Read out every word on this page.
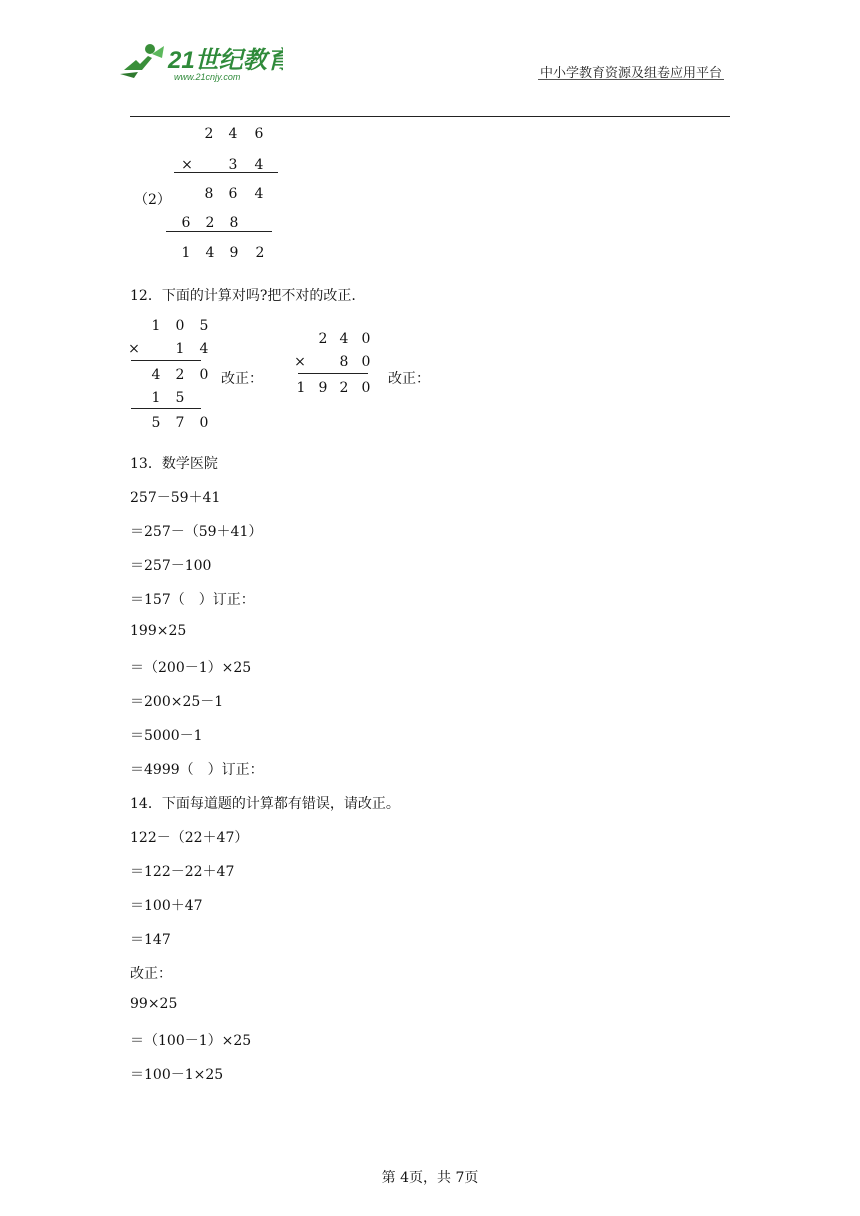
21世纪教育
www.21cnjy.com	中小学教育资源及组卷应用平台
（2）
2	4	6
×	3	4
8	6	4
6	2	8
1	4	9	2
12．下面的计算对吗?把不对的改正.
1	0	5
×	1	4
4	2	0
1	5
5	7	0
改正：
2 4 0
×	8 0
1 9 2 0
改正：
13．数学医院
257－59＋41
＝257－（59＋41）
＝257－100
＝157（　）订正：
199×25
＝（200－1）×25
＝200×25－1
＝5000－1
＝4999（　）订正：
14．下面每道题的计算都有错误，请改正。
122－（22＋47）
＝122－22＋47
＝100＋47
＝147
改正：
99×25
＝（100－1）×25
＝100－1×25
第 4页，共 7页
